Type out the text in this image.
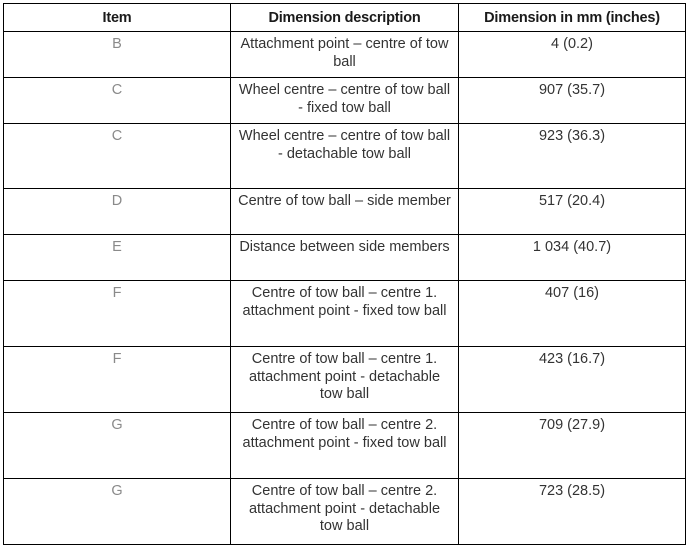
Item	Dimension description	Dimension in mm (inches)
B	Attachment point – centre of tow ball	4 (0.2)
C	Wheel centre – centre of tow ball - fixed tow ball	907 (35.7)
C	Wheel centre – centre of tow ball - detachable tow ball	923 (36.3)
D	Centre of tow ball – side member	517 (20.4)
E	Distance between side members	1 034 (40.7)
F	Centre of tow ball – centre 1. attachment point - fixed tow ball	407 (16)
F	Centre of tow ball – centre 1. attachment point - detachable tow ball	423 (16.7)
G	Centre of tow ball – centre 2. attachment point - fixed tow ball	709 (27.9)
G	Centre of tow ball – centre 2. attachment point - detachable tow ball	723 (28.5)
